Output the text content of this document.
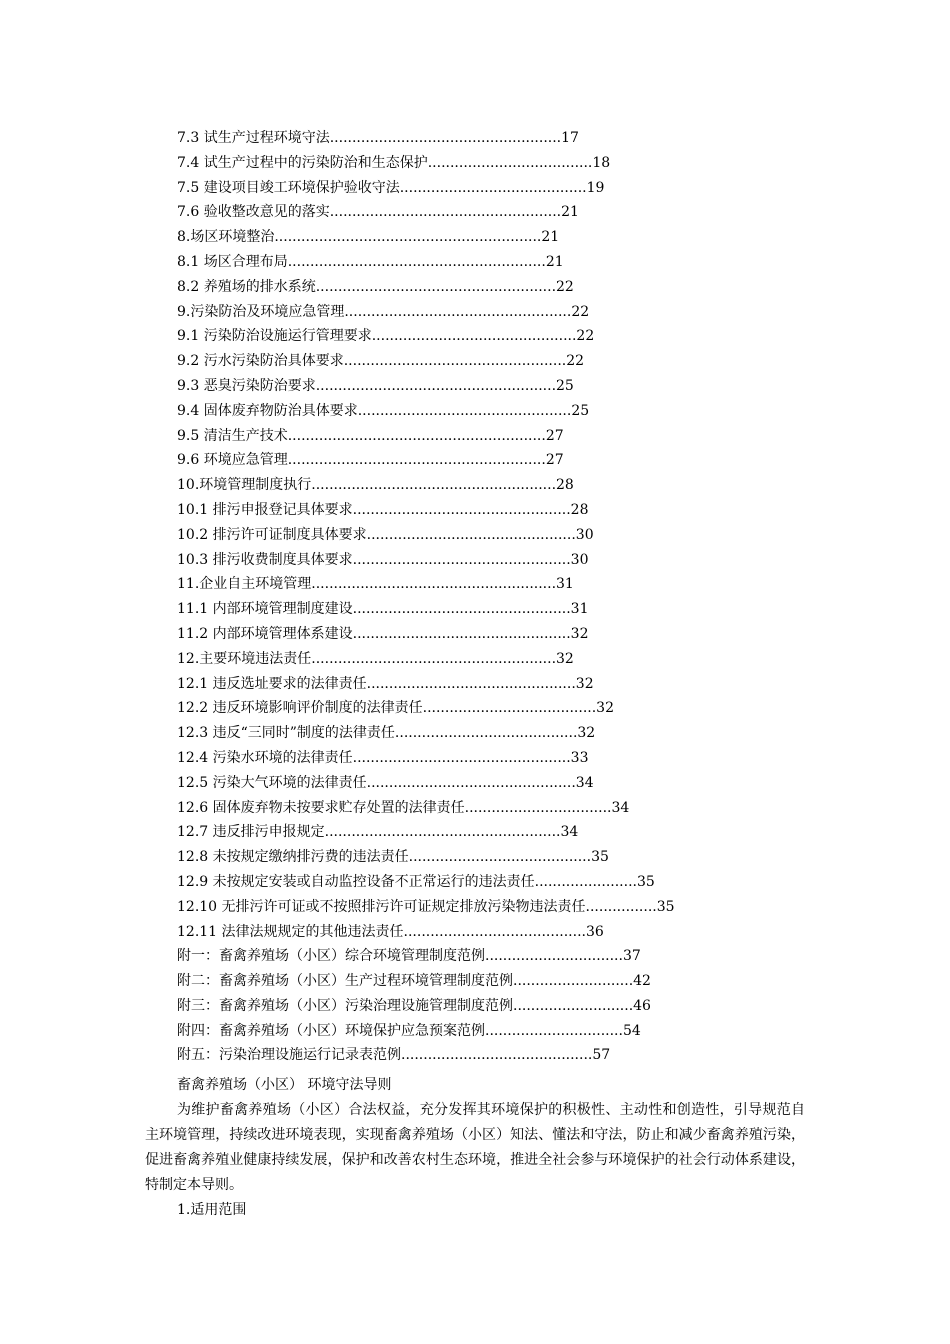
7.3 试生产过程环境守法....................................................17
7.4 试生产过程中的污染防治和生态保护.....................................18
7.5 建设项目竣工环境保护验收守法..........................................19
7.6 验收整改意见的落实....................................................21
8.场区环境整治............................................................21
8.1 场区合理布局..........................................................21
8.2 养殖场的排水系统......................................................22
9.污染防治及环境应急管理...................................................22
9.1 污染防治设施运行管理要求..............................................22
9.2 污水污染防治具体要求..................................................22
9.3 恶臭污染防治要求......................................................25
9.4 固体废弃物防治具体要求................................................25
9.5 清洁生产技术..........................................................27
9.6 环境应急管理..........................................................27
10.环境管理制度执行.......................................................28
10.1 排污申报登记具体要求.................................................28
10.2 排污许可证制度具体要求...............................................30
10.3 排污收费制度具体要求.................................................30
11.企业自主环境管理.......................................................31
11.1 内部环境管理制度建设.................................................31
11.2 内部环境管理体系建设.................................................32
12.主要环境违法责任.......................................................32
12.1 违反选址要求的法律责任...............................................32
12.2 违反环境影响评价制度的法律责任.......................................32
12.3 违反“三同时”制度的法律责任.........................................32
12.4 污染水环境的法律责任.................................................33
12.5 污染大气环境的法律责任...............................................34
12.6 固体废弃物未按要求贮存处置的法律责任.................................34
12.7 违反排污申报规定.....................................................34
12.8 未按规定缴纳排污费的违法责任.........................................35
12.9 未按规定安装或自动监控设备不正常运行的违法责任.......................35
12.10 无排污许可证或不按照排污许可证规定排放污染物违法责任................35
12.11 法律法规规定的其他违法责任.........................................36
附一：畜禽养殖场（小区）综合环境管理制度范例...............................37
附二：畜禽养殖场（小区）生产过程环境管理制度范例...........................42
附三：畜禽养殖场（小区）污染治理设施管理制度范例...........................46
附四：畜禽养殖场（小区）环境保护应急预案范例...............................54
附五：污染治理设施运行记录表范例...........................................57

畜禽养殖场（小区） 环境守法导则

为维护畜禽养殖场（小区）合法权益，充分发挥其环境保护的积极性、主动性和创造性，引导规范自主环境管理，持续改进环境表现，实现畜禽养殖场（小区）知法、懂法和守法，防止和减少畜禽养殖污染，促进畜禽养殖业健康持续发展，保护和改善农村生态环境，推进全社会参与环境保护的社会行动体系建设，特制定本导则。

1.适用范围
